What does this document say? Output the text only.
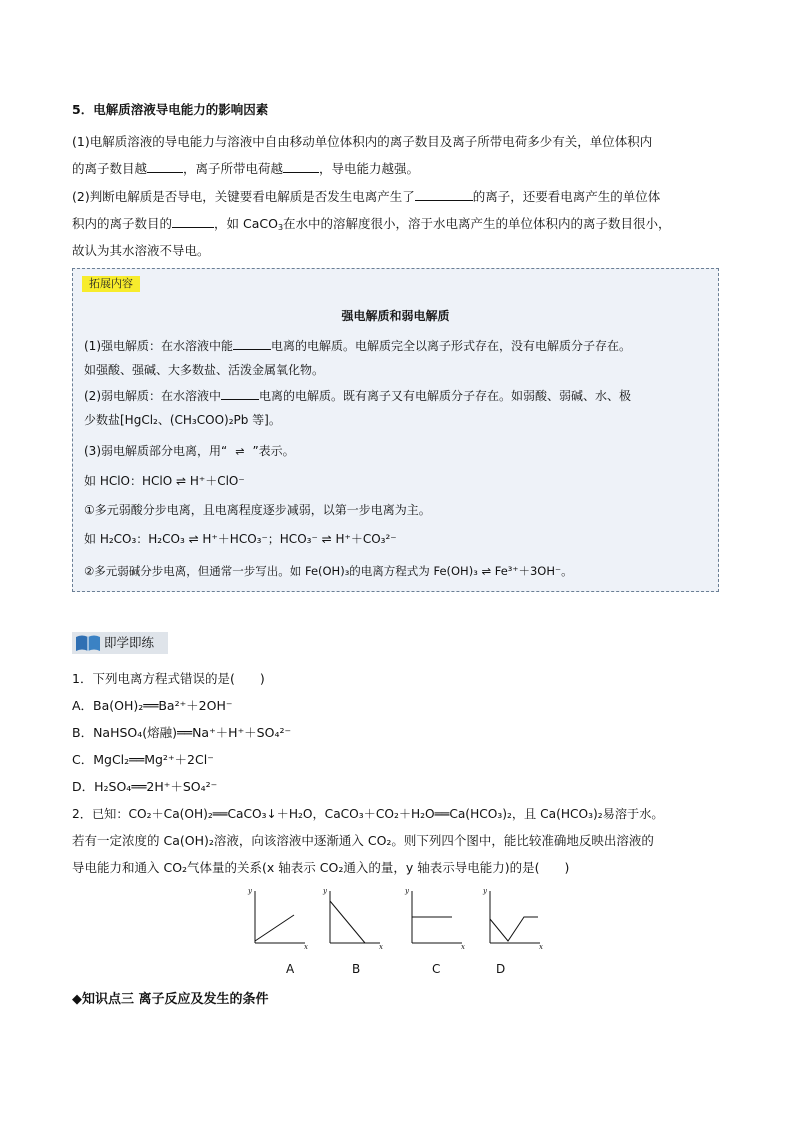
5．电解质溶液导电能力的影响因素
(1)电解质溶液的导电能力与溶液中自由移动单位体积内的离子数目及离子所带电荷多少有关，单位体积内
的离子数目越	，离子所带电荷越	，导电能力越强。
(2)判断电解质是否导电，关键要看电解质是否发生电离产生了	的离子，还要看电离产生的单位体
积内的离子数目的	，如 CaCO$_3$在水中的溶解度很小，溶于水电离产生的单位体积内的离子数目很小，
故认为其水溶液不导电。
拓展内容
强电解质和弱电解质
(1)强电解质：在水溶液中能	电离的电解质。电解质完全以离子形式存在，没有电解质分子存在。
如强酸、强碱、大多数盐、活泼金属氧化物。
(2)弱电解质：在水溶液中	电离的电解质。既有离子又有电解质分子存在。如弱酸、弱碱、水、极
少数盐[HgCl₂、(CH₃COO)₂Pb 等]。
(3)弱电解质部分电离，用“ ⇌ ”表示。
如 HClO：HClO ⇌ H⁺＋ClO⁻
①多元弱酸分步电离，且电离程度逐步减弱，以第一步电离为主。
如 H₂CO₃：H₂CO₃ ⇌ H⁺＋HCO₃⁻；HCO₃⁻ ⇌ H⁺＋CO₃²⁻
②多元弱碱分步电离，但通常一步写出。如 Fe(OH)₃的电离方程式为 Fe(OH)₃ ⇌ Fe³⁺＋3OH⁻。
即学即练
1．下列电离方程式错误的是(　　)
A．Ba(OH)₂══Ba²⁺＋2OH⁻
B．NaHSO₄(熔融)══Na⁺＋H⁺＋SO₄²⁻
C．MgCl₂══Mg²⁺＋2Cl⁻
D．H₂SO₄══2H⁺＋SO₄²⁻
2．已知：CO₂＋Ca(OH)₂══CaCO₃↓＋H₂O，CaCO₃＋CO₂＋H₂O══Ca(HCO₃)₂，且 Ca(HCO₃)₂易溶于水。
若有一定浓度的 Ca(OH)₂溶液，向该溶液中逐渐通入 CO₂。则下列四个图中，能比较准确地反映出溶液的
导电能力和通入 CO₂气体量的关系(x 轴表示 CO₂通入的量，y 轴表示导电能力)的是(　　)
y
x
y
x
y
x
y
x
A	B	C	D
◆知识点三 离子反应及发生的条件
